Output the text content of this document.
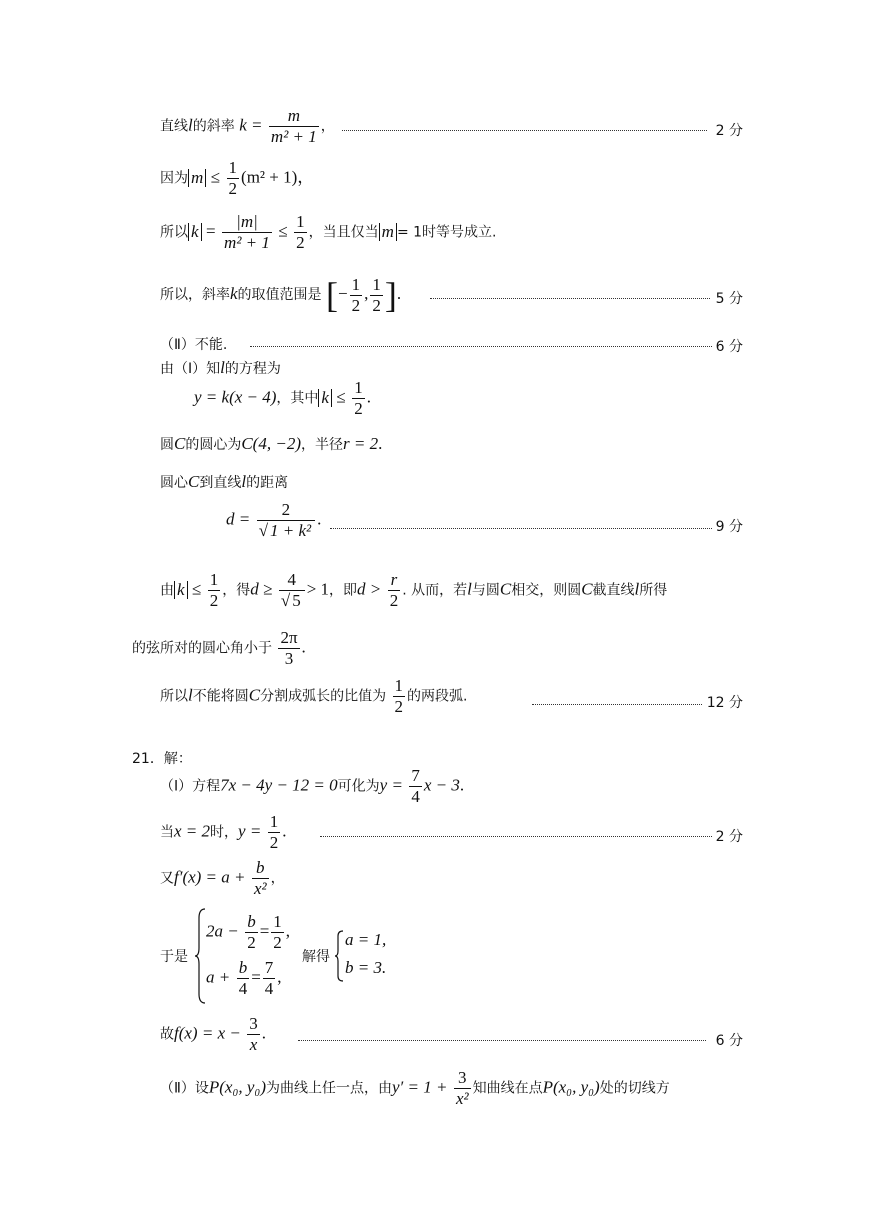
直线l的斜率 $k = \frac{m}{\text{m² + 1}}$ ，	2 分
因为 $m \le \frac{1}{2} (m^2 + 1)$，
所以 $k = \frac{|m|}{\text{m² + 1}} \le \frac{1}{2}$ ，当且仅当 m = 1时等号成立.
所以，斜率k的取值范围是 [− $\frac{1}{2}$ , $\frac{1}{2}$ ].	5 分
（Ⅱ）不能.	6 分
由（Ⅰ）知l的方程为
y = k(x − 4)，其中 $k \le \frac{1}{2}$ .
圆C的圆心为C(4, −2)，半径r = 2.
圆心C到直线l的距离
$d = \frac{2}{\text{√ 1 + k²}}$ .	9 分
由 $k \le \frac{1}{2}$ ，得$d \ge \frac{4}{√ 5} > 1$，即$d > \frac{r}{2}$ . 从而，若l与圆C相交，则圆C截直线l所得
的弦所对的圆心角小于 $\frac{2\pi}{3}$ .
所以l不能将圆C分割成弧长的比值为 $\frac{1}{2}$ 的两段弧.	12 分
21．解：
（Ⅰ）方程7x − 4y − 12 = 0可化为$y = \frac{7}{4}$ x − 3.
当x = 2时，$y = \frac{1}{2}$ .	2 分
又$f'(x) = a + \frac{b}{\text{x²}}$ ，
于是
$2a - \frac{b}{2} = \frac{1}{2}$ ,
$a + \frac{b}{4} = \frac{7}{4}$ ,
解得
a = 1,
b = 3.
故$f(x) = x - \frac{3}{x}$ .	6 分
（Ⅱ）设P(x₀, y₀)为曲线上任一点，由$y' = 1 + \frac{3}{\text{x²}}$ 知曲线在点P(x₀, y₀)处的切线方
